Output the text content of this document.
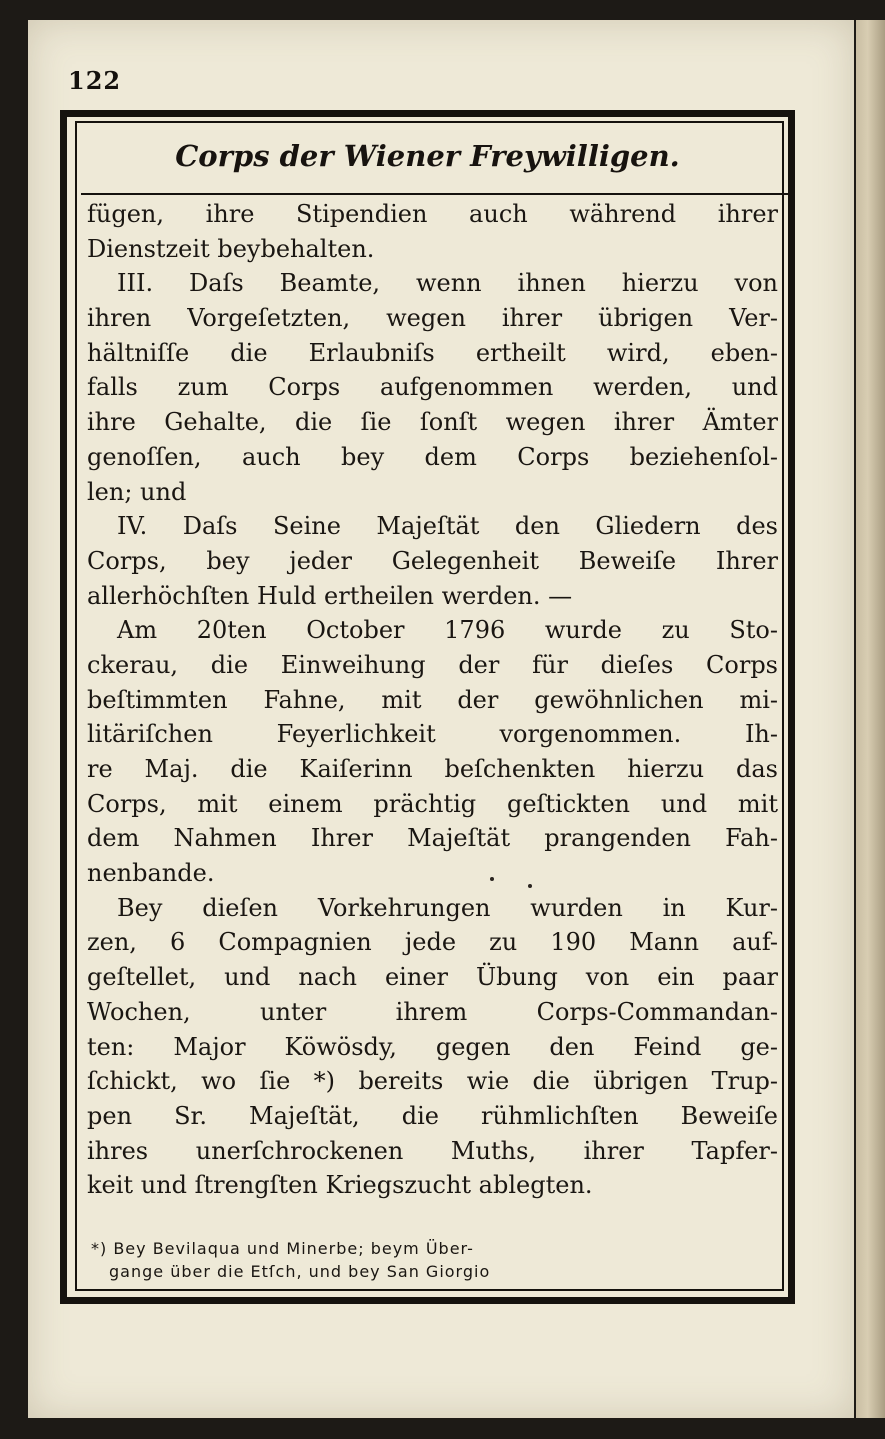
122
Corps der Wiener Freywilligen.
fügen, ihre Stipendien auch während ihrer
Dienstzeit beybehalten.
III. Daſs Beamte, wenn ihnen hierzu von
ihren Vorgeſetzten, wegen ihrer übrigen Ver-
hältniſſe die Erlaubniſs ertheilt wird, eben-
falls zum Corps aufgenommen werden, und
ihre Gehalte, die ſie ſonſt wegen ihrer Ämter
genoſſen, auch bey dem Corps beziehenſol-
len; und
IV. Daſs Seine Majeſtät den Gliedern des
Corps, bey jeder Gelegenheit Beweiſe Ihrer
allerhöchſten Huld ertheilen werden. —
Am 20ten October 1796 wurde zu Sto-
ckerau, die Einweihung der für dieſes Corps
beſtimmten Fahne, mit der gewöhnlichen mi-
litäriſchen Feyerlichkeit vorgenommen. Ih-
re Maj. die Kaiſerinn beſchenkten hierzu das
Corps, mit einem prächtig geſtickten und mit
dem Nahmen Ihrer Majeſtät prangenden Fah-
nenbande.
Bey dieſen Vorkehrungen wurden in Kur-
zen, 6 Compagnien jede zu 190 Mann auf-
geſtellet, und nach einer Übung von ein paar
Wochen, unter ihrem Corps-Commandan-
ten: Major Köwösdy, gegen den Feind ge-
ſchickt, wo ſie *) bereits wie die übrigen Trup-
pen Sr. Majeſtät, die rühmlichſten Beweiſe
ihres unerſchrockenen Muths, ihrer Tapfer-
keit und ſtrengſten Kriegszucht ablegten.
*) Bey Bevilaqua und Minerbe; beym Über-
gange über die Etſch, und bey San Giorgio
